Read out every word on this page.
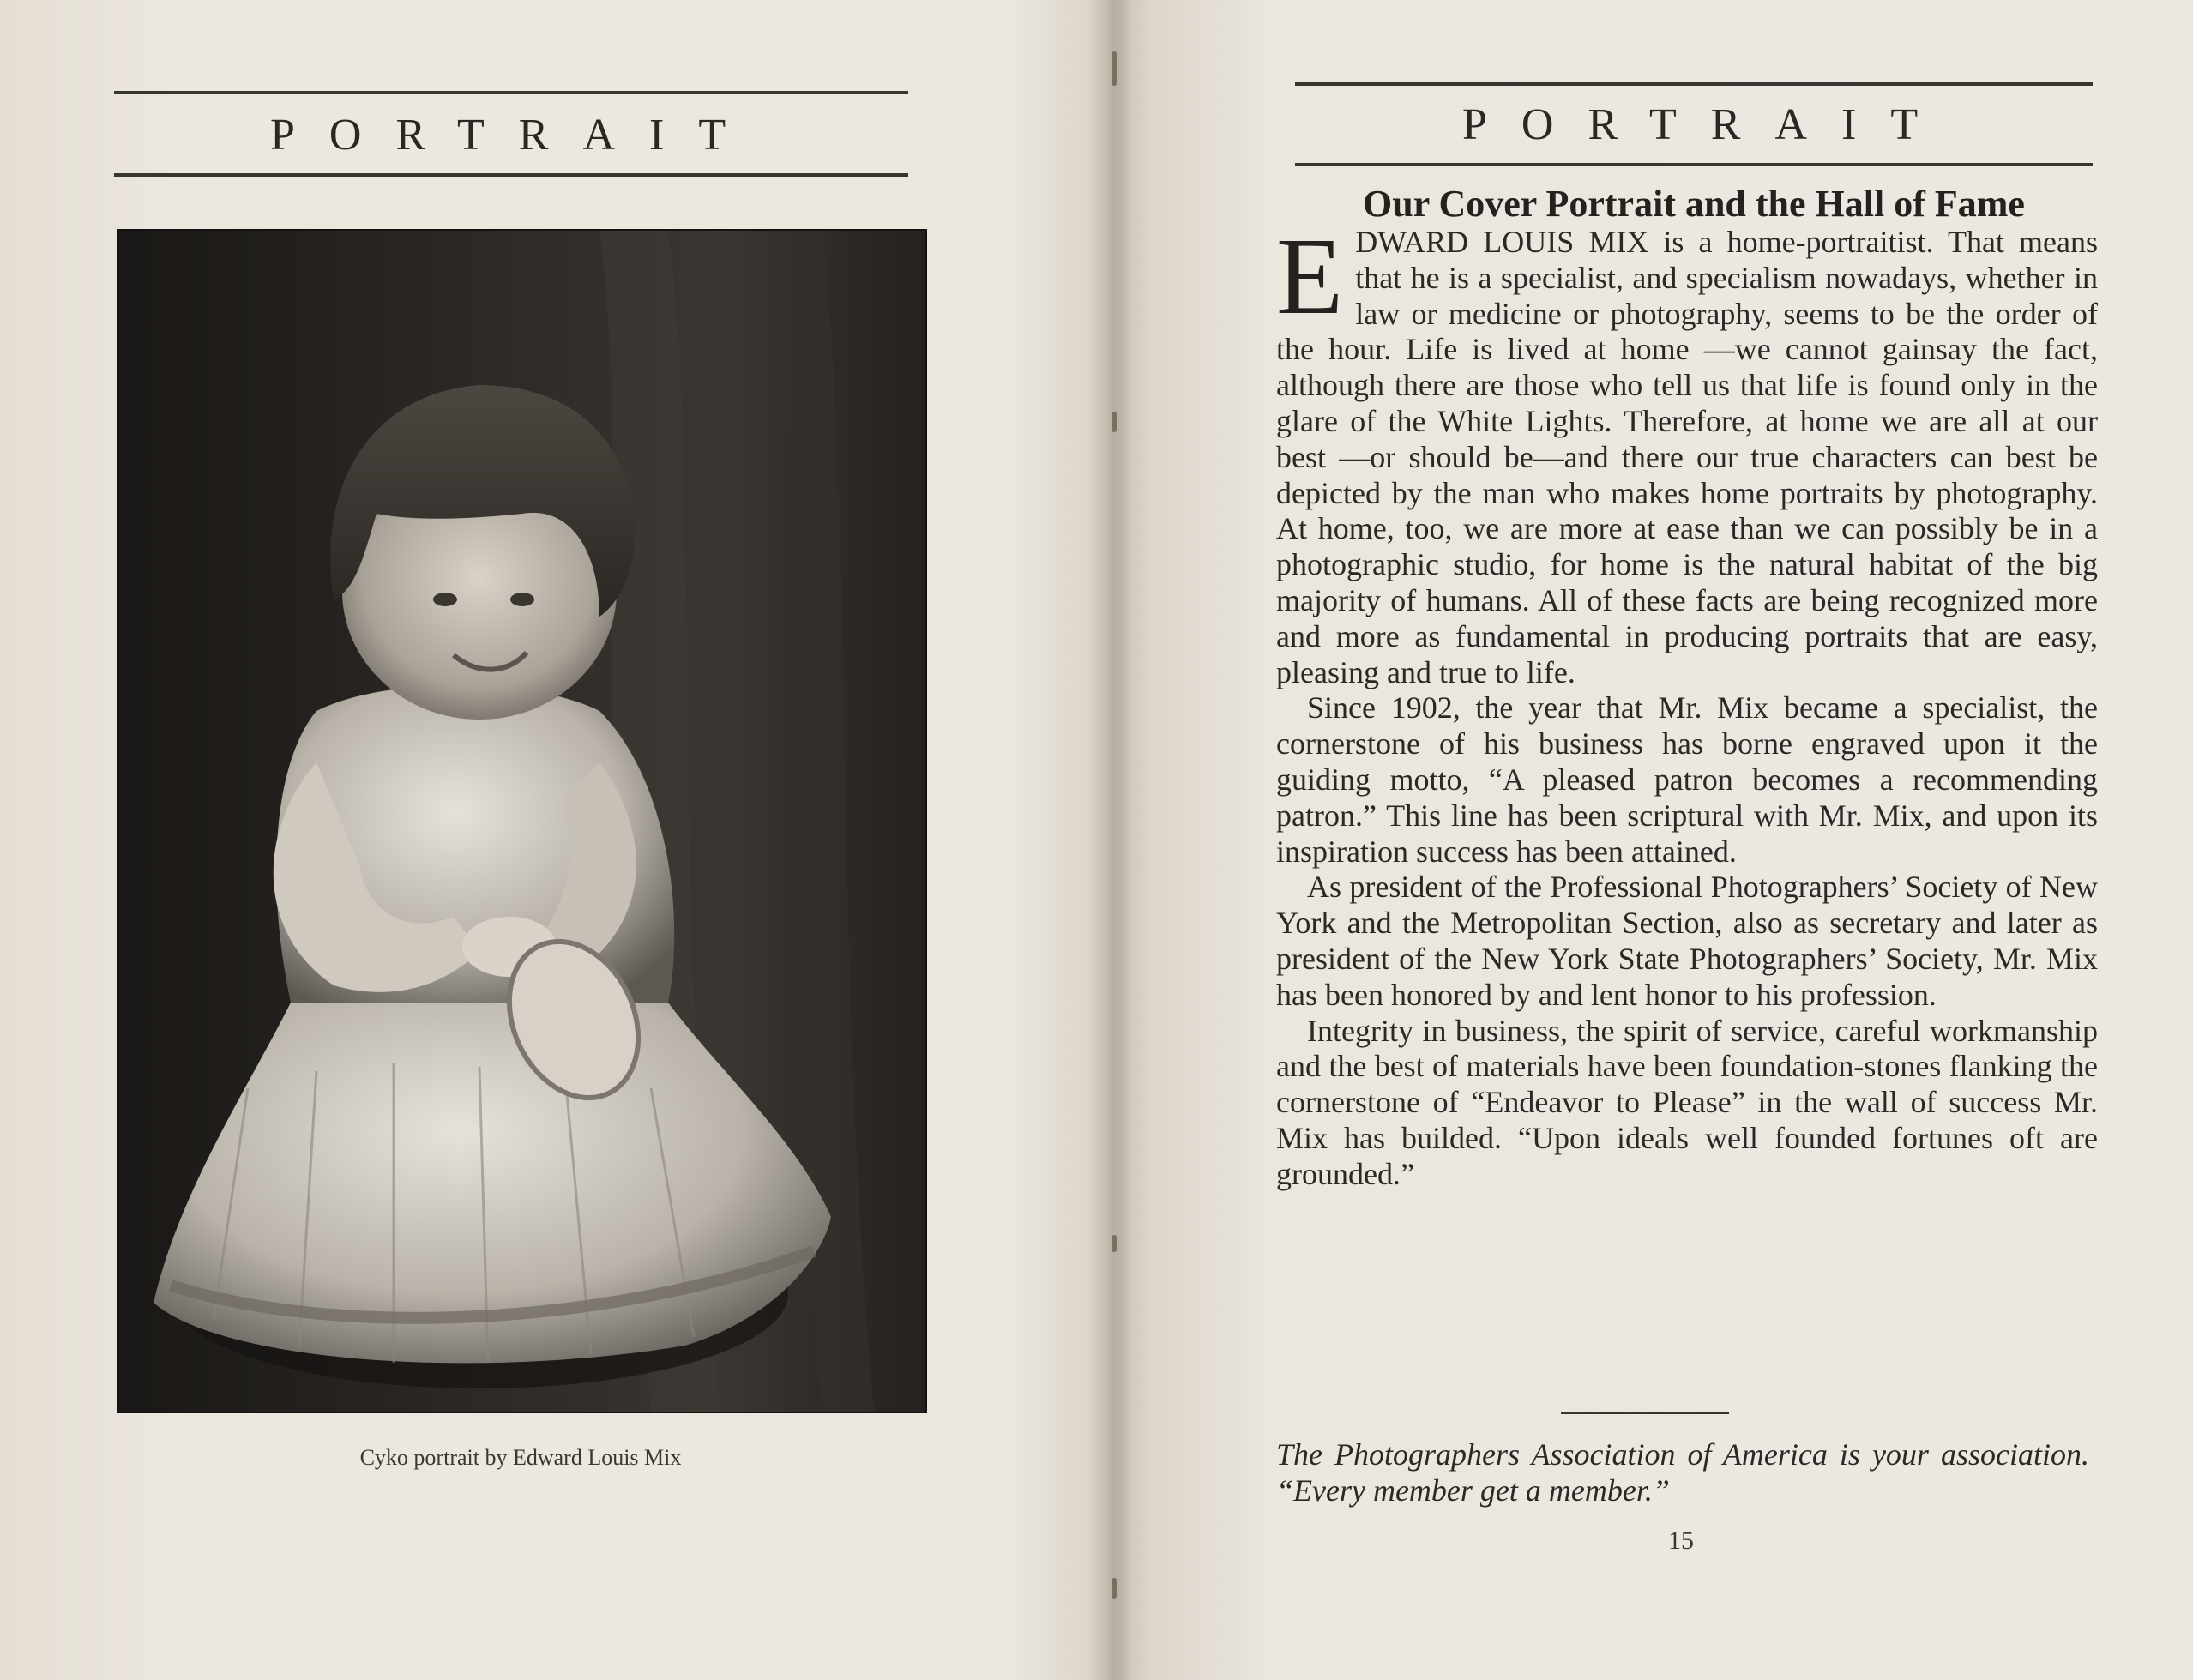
PORTRAIT
Cyko portrait by Edward Louis Mix
PORTRAIT
Our Cover Portrait and the Hall of Fame

EDWARD LOUIS MIX is a home-portraitist. That means that he is a specialist, and specialism nowadays, whether in law or medicine or photography, seems to be the order of the hour. Life is lived at home —we cannot gainsay the fact, although there are those who tell us that life is found only in the glare of the White Lights. Therefore, at home we are all at our best —or should be—and there our true characters can best be depicted by the man who makes home portraits by photography. At home, too, we are more at ease than we can possibly be in a photographic studio, for home is the natural habitat of the big majority of humans. All of these facts are being recognized more and more as fundamental in producing portraits that are easy, pleasing and true to life.

Since 1902, the year that Mr. Mix became a specialist, the cornerstone of his business has borne engraved upon it the guiding motto, “A pleased patron becomes a recommending patron.” This line has been scriptural with Mr. Mix, and upon its inspiration success has been attained.

As president of the Professional Photographers’ Society of New York and the Metropolitan Section, also as secretary and later as president of the New York State Photographers’ Society, Mr. Mix has been honored by and lent honor to his profession.

Integrity in business, the spirit of service, careful workmanship and the best of materials have been foundation-stones flanking the cornerstone of “Endeavor to Please” in the wall of success Mr. Mix has builded. “Upon ideals well founded fortunes oft are grounded.”

The Photographers Association of America is your association. “Every member get a member.”
15
